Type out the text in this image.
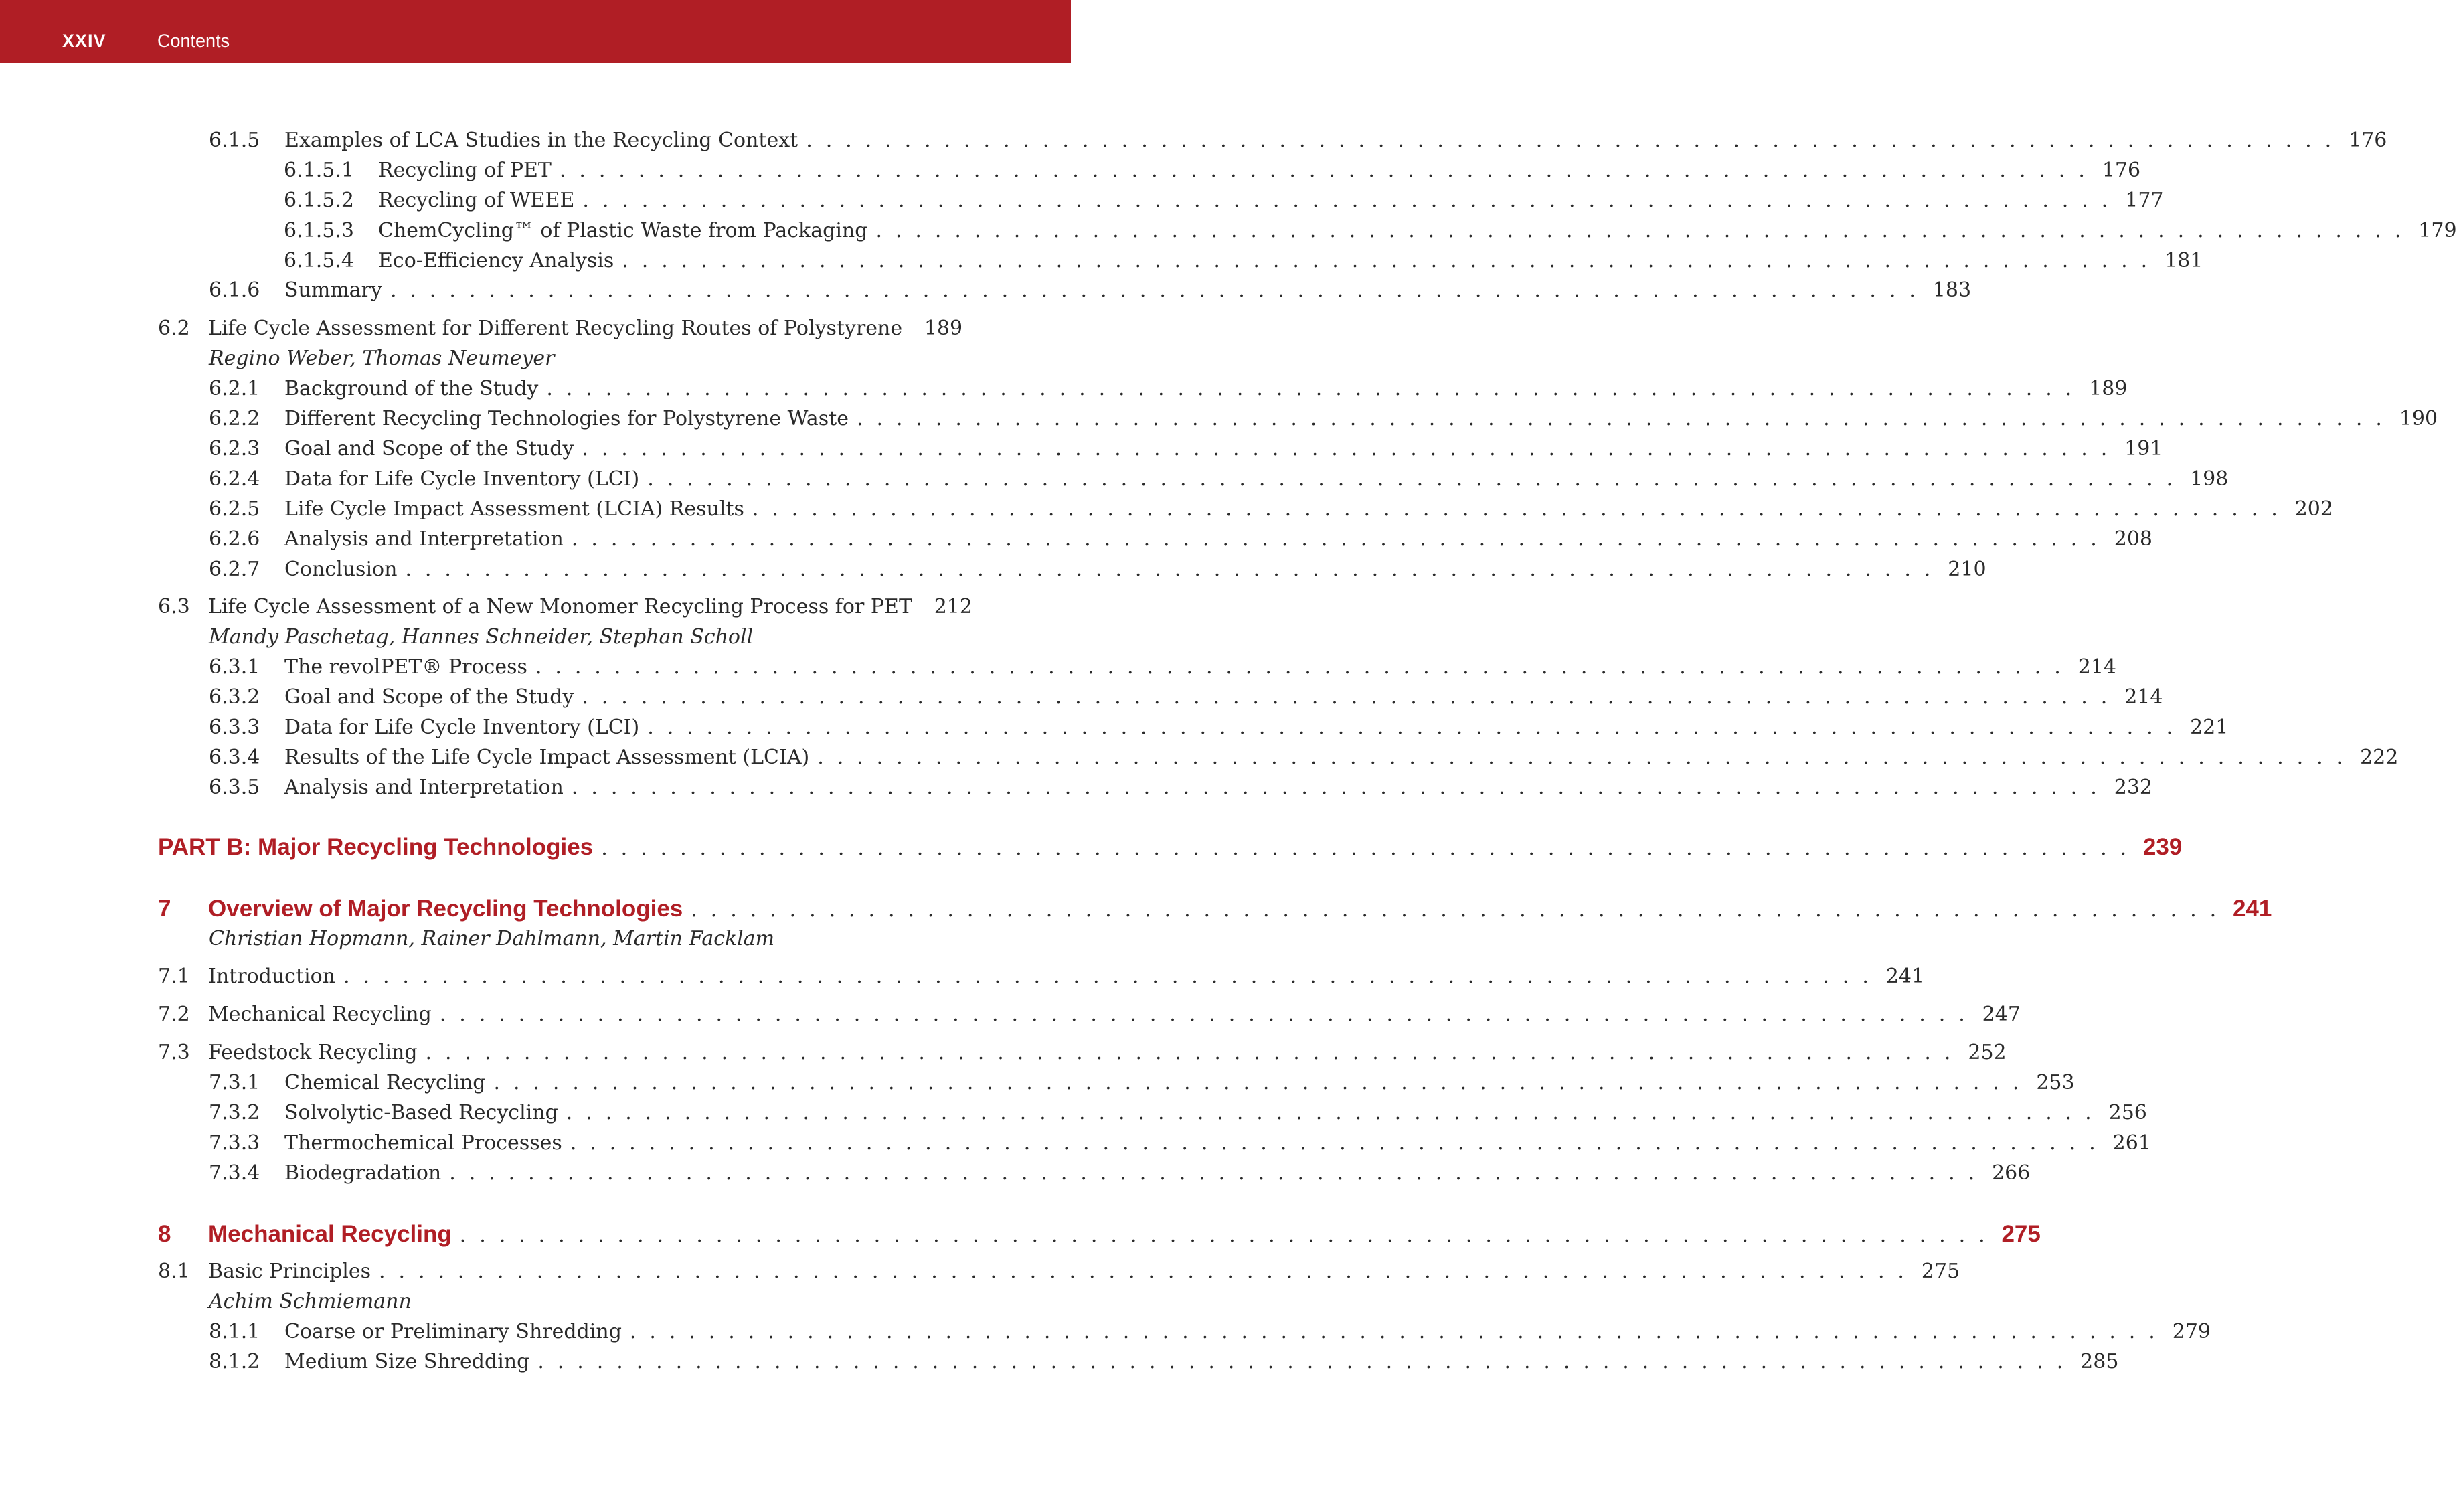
XXIV	Contents
6.1.5	Examples of LCA Studies in the Recycling Context . . . . . . . . . . . . . . . . . . . . . . . . . . . . . . . . . . . . . . . . . . . . . . . . . . . . . . . . . . . . . . . . . . . . . . . . . . . . . . 176
6.1.5.1	Recycling of PET . . . . . . . . . . . . . . . . . . . . . . . . . . . . . . . . . . . . . . . . . . . . . . . . . . . . . . . . . . . . . . . . . . . . . . . . . . . . . . 176
6.1.5.2	Recycling of WEEE . . . . . . . . . . . . . . . . . . . . . . . . . . . . . . . . . . . . . . . . . . . . . . . . . . . . . . . . . . . . . . . . . . . . . . . . . . . . . . 177
6.1.5.3	ChemCycling™ of Plastic Waste from Packaging . . . . . . . . . . . . . . . . . . . . . . . . . . . . . . . . . . . . . . . . . . . . . . . . . . . . . . . . . . . . . . . . . . . . . . . . . . . . . . 179
6.1.5.4	Eco-Efficiency Analysis . . . . . . . . . . . . . . . . . . . . . . . . . . . . . . . . . . . . . . . . . . . . . . . . . . . . . . . . . . . . . . . . . . . . . . . . . . . . . . 181
6.1.6	Summary . . . . . . . . . . . . . . . . . . . . . . . . . . . . . . . . . . . . . . . . . . . . . . . . . . . . . . . . . . . . . . . . . . . . . . . . . . . . . . 183
6.2 Life Cycle Assessment for Different Recycling Routes of Polystyrene	189
Regino Weber, Thomas Neumeyer
6.2.1	Background of the Study . . . . . . . . . . . . . . . . . . . . . . . . . . . . . . . . . . . . . . . . . . . . . . . . . . . . . . . . . . . . . . . . . . . . . . . . . . . . . . 189
6.2.2	Different Recycling Technologies for Polystyrene Waste . . . . . . . . . . . . . . . . . . . . . . . . . . . . . . . . . . . . . . . . . . . . . . . . . . . . . . . . . . . . . . . . . . . . . . . . . . . . . . 190
6.2.3	Goal and Scope of the Study . . . . . . . . . . . . . . . . . . . . . . . . . . . . . . . . . . . . . . . . . . . . . . . . . . . . . . . . . . . . . . . . . . . . . . . . . . . . . . 191
6.2.4	Data for Life Cycle Inventory (LCI) . . . . . . . . . . . . . . . . . . . . . . . . . . . . . . . . . . . . . . . . . . . . . . . . . . . . . . . . . . . . . . . . . . . . . . . . . . . . . . 198
6.2.5	Life Cycle Impact Assessment (LCIA) Results . . . . . . . . . . . . . . . . . . . . . . . . . . . . . . . . . . . . . . . . . . . . . . . . . . . . . . . . . . . . . . . . . . . . . . . . . . . . . . 202
6.2.6	Analysis and Interpretation . . . . . . . . . . . . . . . . . . . . . . . . . . . . . . . . . . . . . . . . . . . . . . . . . . . . . . . . . . . . . . . . . . . . . . . . . . . . . . 208
6.2.7	Conclusion . . . . . . . . . . . . . . . . . . . . . . . . . . . . . . . . . . . . . . . . . . . . . . . . . . . . . . . . . . . . . . . . . . . . . . . . . . . . . . 210
6.3 Life Cycle Assessment of a New Monomer Recycling Process for PET	212
Mandy Paschetag, Hannes Schneider, Stephan Scholl
6.3.1	The revolPET® Process . . . . . . . . . . . . . . . . . . . . . . . . . . . . . . . . . . . . . . . . . . . . . . . . . . . . . . . . . . . . . . . . . . . . . . . . . . . . . . 214
6.3.2	Goal and Scope of the Study . . . . . . . . . . . . . . . . . . . . . . . . . . . . . . . . . . . . . . . . . . . . . . . . . . . . . . . . . . . . . . . . . . . . . . . . . . . . . . 214
6.3.3	Data for Life Cycle Inventory (LCI) . . . . . . . . . . . . . . . . . . . . . . . . . . . . . . . . . . . . . . . . . . . . . . . . . . . . . . . . . . . . . . . . . . . . . . . . . . . . . . 221
6.3.4	Results of the Life Cycle Impact Assessment (LCIA) . . . . . . . . . . . . . . . . . . . . . . . . . . . . . . . . . . . . . . . . . . . . . . . . . . . . . . . . . . . . . . . . . . . . . . . . . . . . . . 222
6.3.5	Analysis and Interpretation . . . . . . . . . . . . . . . . . . . . . . . . . . . . . . . . . . . . . . . . . . . . . . . . . . . . . . . . . . . . . . . . . . . . . . . . . . . . . . 232
PART B: Major Recycling Technologies . . . . . . . . . . . . . . . . . . . . . . . . . . . . . . . . . . . . . . . . . . . . . . . . . . . . . . . . . . . . . . . . . . . . . . . . . . . . . . 239
7	Overview of Major Recycling Technologies . . . . . . . . . . . . . . . . . . . . . . . . . . . . . . . . . . . . . . . . . . . . . . . . . . . . . . . . . . . . . . . . . . . . . . . . . . . . . . 241
Christian Hopmann, Rainer Dahlmann, Martin Facklam
7.1 Introduction . . . . . . . . . . . . . . . . . . . . . . . . . . . . . . . . . . . . . . . . . . . . . . . . . . . . . . . . . . . . . . . . . . . . . . . . . . . . . . 241
7.2 Mechanical Recycling . . . . . . . . . . . . . . . . . . . . . . . . . . . . . . . . . . . . . . . . . . . . . . . . . . . . . . . . . . . . . . . . . . . . . . . . . . . . . . 247
7.3 Feedstock Recycling . . . . . . . . . . . . . . . . . . . . . . . . . . . . . . . . . . . . . . . . . . . . . . . . . . . . . . . . . . . . . . . . . . . . . . . . . . . . . . 252
7.3.1	Chemical Recycling . . . . . . . . . . . . . . . . . . . . . . . . . . . . . . . . . . . . . . . . . . . . . . . . . . . . . . . . . . . . . . . . . . . . . . . . . . . . . . 253
7.3.2	Solvolytic-Based Recycling . . . . . . . . . . . . . . . . . . . . . . . . . . . . . . . . . . . . . . . . . . . . . . . . . . . . . . . . . . . . . . . . . . . . . . . . . . . . . . 256
7.3.3	Thermochemical Processes . . . . . . . . . . . . . . . . . . . . . . . . . . . . . . . . . . . . . . . . . . . . . . . . . . . . . . . . . . . . . . . . . . . . . . . . . . . . . . 261
7.3.4	Biodegradation . . . . . . . . . . . . . . . . . . . . . . . . . . . . . . . . . . . . . . . . . . . . . . . . . . . . . . . . . . . . . . . . . . . . . . . . . . . . . . 266
8	Mechanical Recycling . . . . . . . . . . . . . . . . . . . . . . . . . . . . . . . . . . . . . . . . . . . . . . . . . . . . . . . . . . . . . . . . . . . . . . . . . . . . . . 275
8.1 Basic Principles . . . . . . . . . . . . . . . . . . . . . . . . . . . . . . . . . . . . . . . . . . . . . . . . . . . . . . . . . . . . . . . . . . . . . . . . . . . . . . 275
Achim Schmiemann
8.1.1	Coarse or Preliminary Shredding . . . . . . . . . . . . . . . . . . . . . . . . . . . . . . . . . . . . . . . . . . . . . . . . . . . . . . . . . . . . . . . . . . . . . . . . . . . . . . 279
8.1.2	Medium Size Shredding . . . . . . . . . . . . . . . . . . . . . . . . . . . . . . . . . . . . . . . . . . . . . . . . . . . . . . . . . . . . . . . . . . . . . . . . . . . . . . 285
